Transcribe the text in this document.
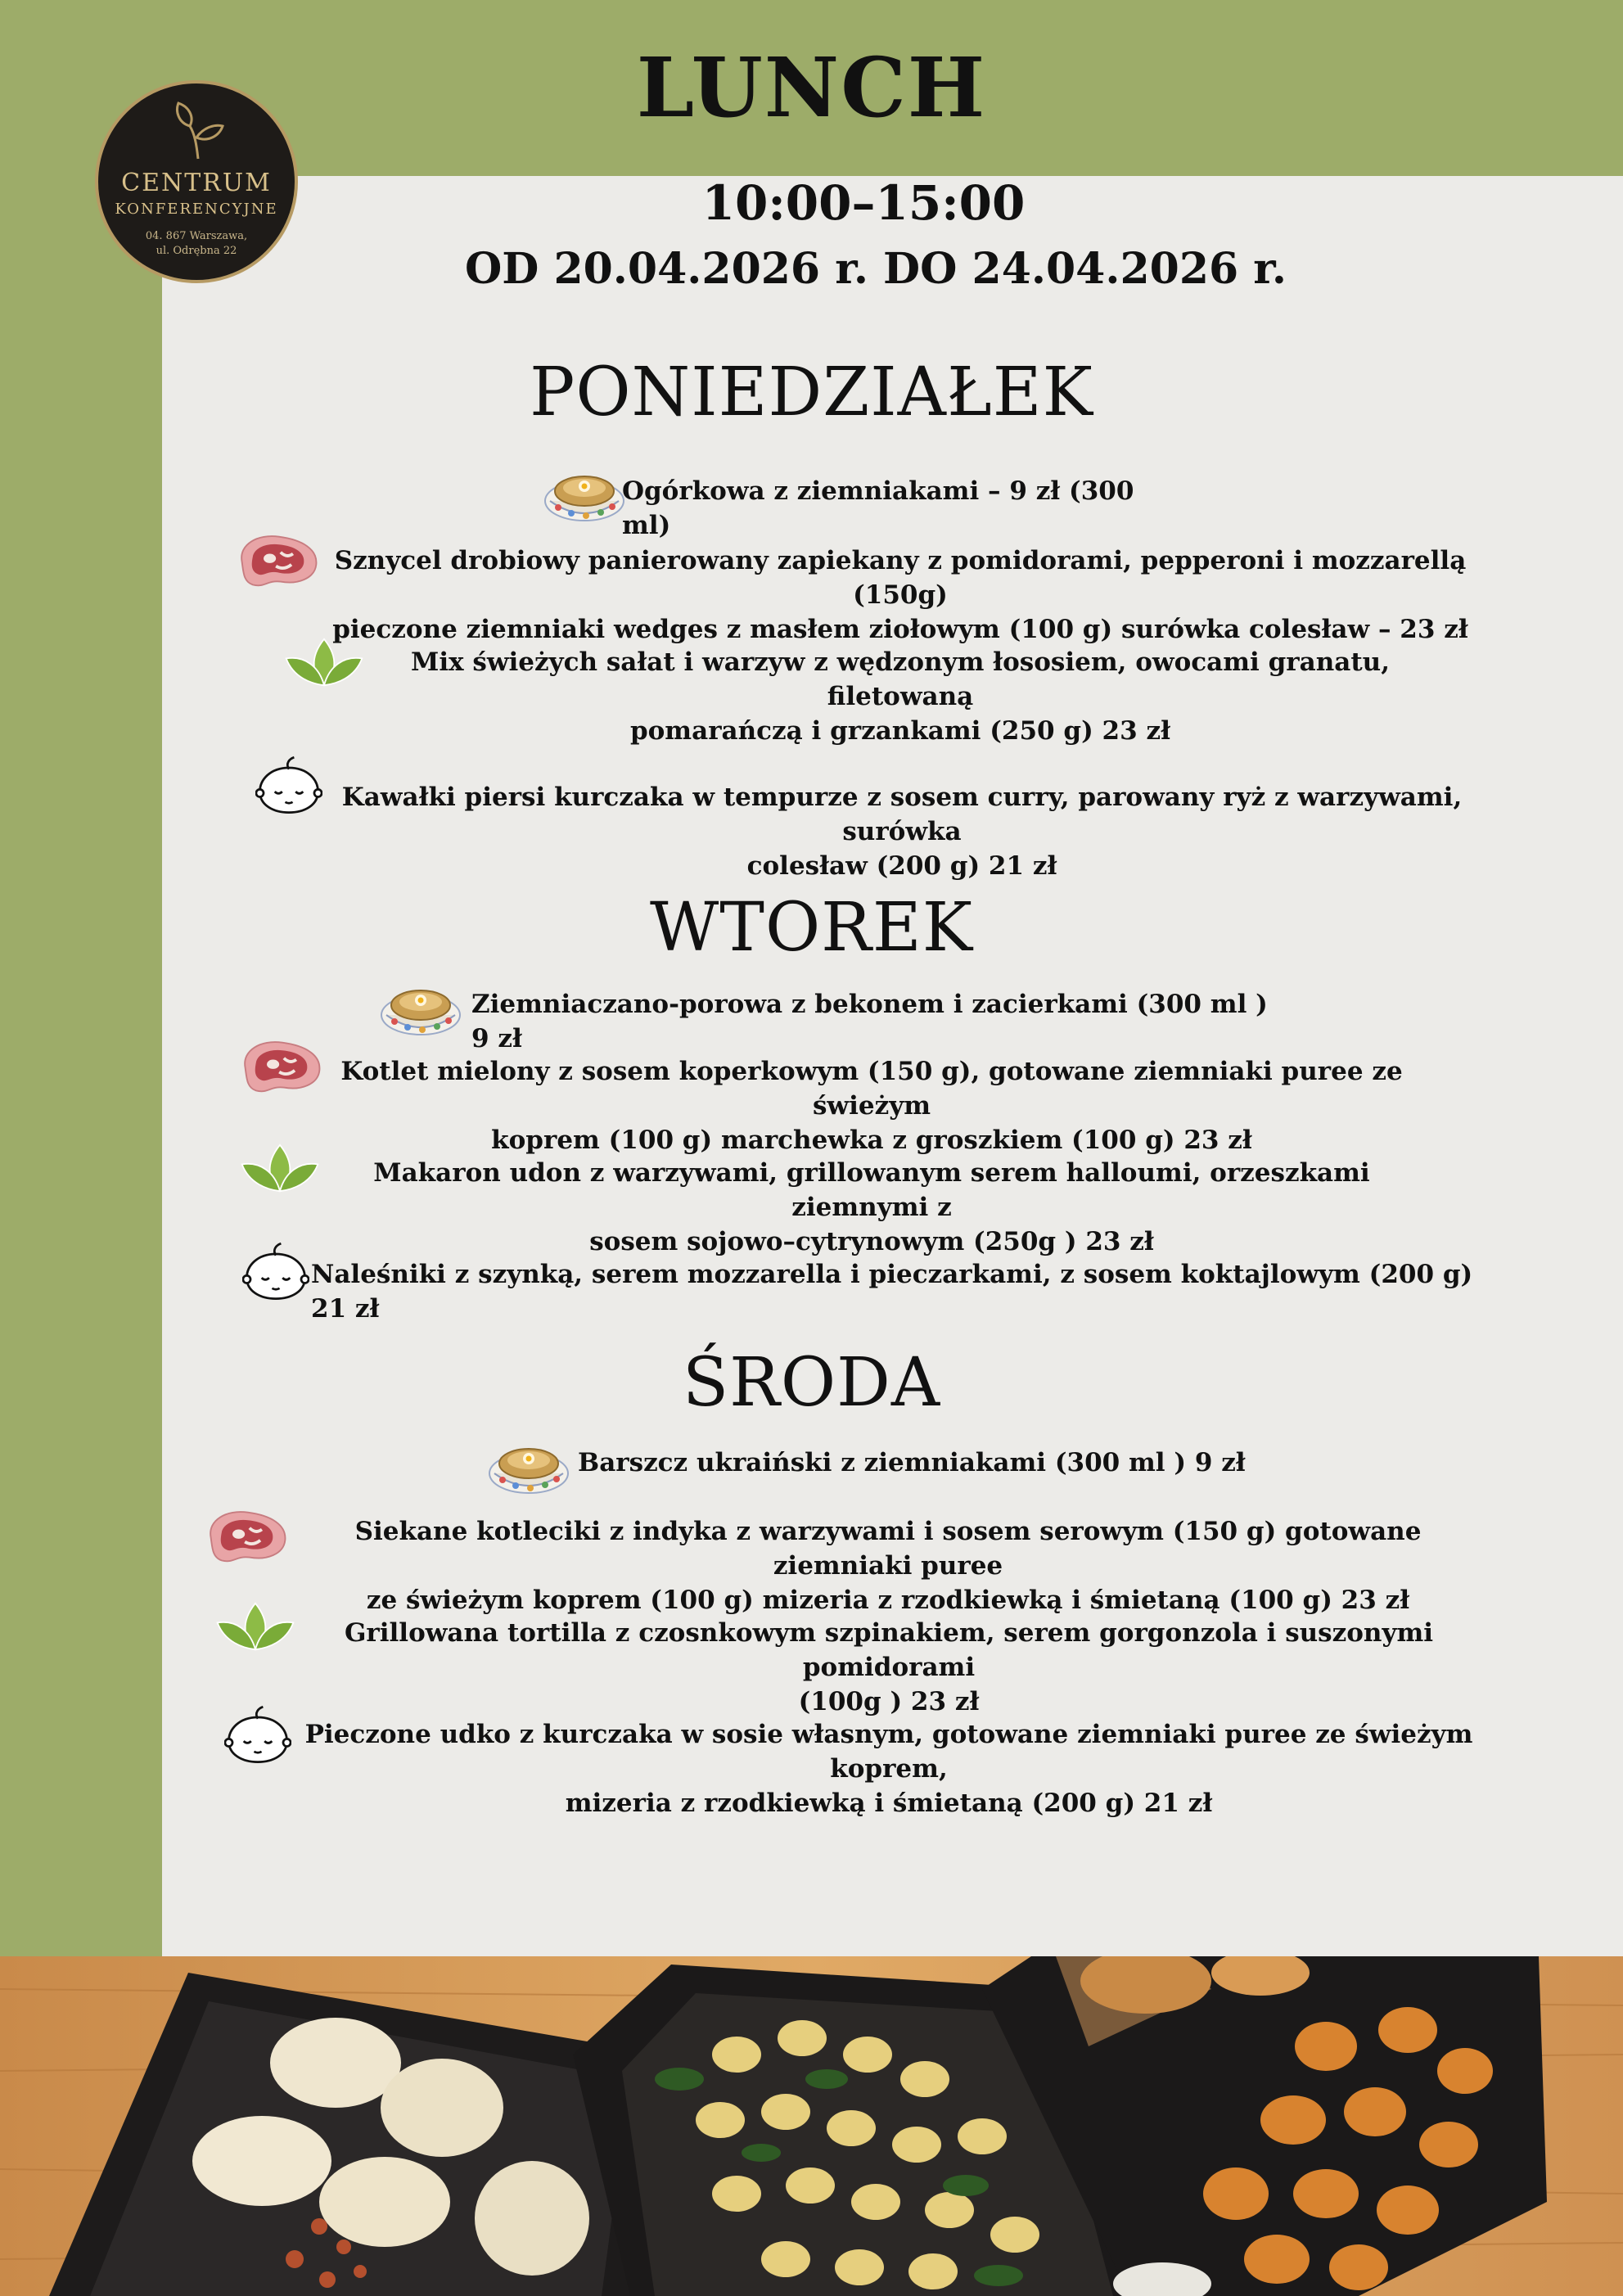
LUNCH
CENTRUM
KONFERENCYJNE
04. 867 Warszawa,
ul. Odrębna 22
10:00–15:00
OD 20.04.2026 r. DO 24.04.2026 r.
PONIEDZIAŁEK
WTOREK
ŚRODA
Ogórkowa z ziemniakami – 9 zł (300 ml)
Sznycel drobiowy panierowany zapiekany z pomidorami, pepperoni i mozzarellą (150g)
pieczone ziemniaki wedges z masłem ziołowym (100 g) surówka colesław – 23 zł
Mix świeżych sałat i warzyw z wędzonym łososiem, owocami granatu, filetowaną
pomarańczą i grzankami (250 g) 23 zł
Kawałki piersi kurczaka w tempurze z sosem curry, parowany ryż z warzywami, surówka
colesław (200 g) 21 zł
Ziemniaczano-porowa z bekonem i zacierkami (300 ml ) 9 zł
Kotlet mielony z sosem koperkowym (150 g), gotowane ziemniaki puree ze świeżym
koprem (100 g) marchewka z groszkiem (100 g) 23 zł
Makaron udon z warzywami, grillowanym serem halloumi, orzeszkami ziemnymi z
sosem sojowo–cytrynowym (250g ) 23 zł
Naleśniki z szynką, serem mozzarella i pieczarkami, z sosem koktajlowym (200 g) 21 zł
Barszcz ukraiński z ziemniakami (300 ml ) 9 zł
Siekane kotleciki z indyka z warzywami i sosem serowym (150 g) gotowane ziemniaki puree
ze świeżym koprem (100 g) mizeria z rzodkiewką i śmietaną (100 g) 23 zł
Grillowana tortilla z czosnkowym szpinakiem, serem gorgonzola i suszonymi pomidorami
(100g ) 23 zł
Pieczone udko z kurczaka w sosie własnym, gotowane ziemniaki puree ze świeżym koprem,
mizeria z rzodkiewką i śmietaną (200 g) 21 zł
